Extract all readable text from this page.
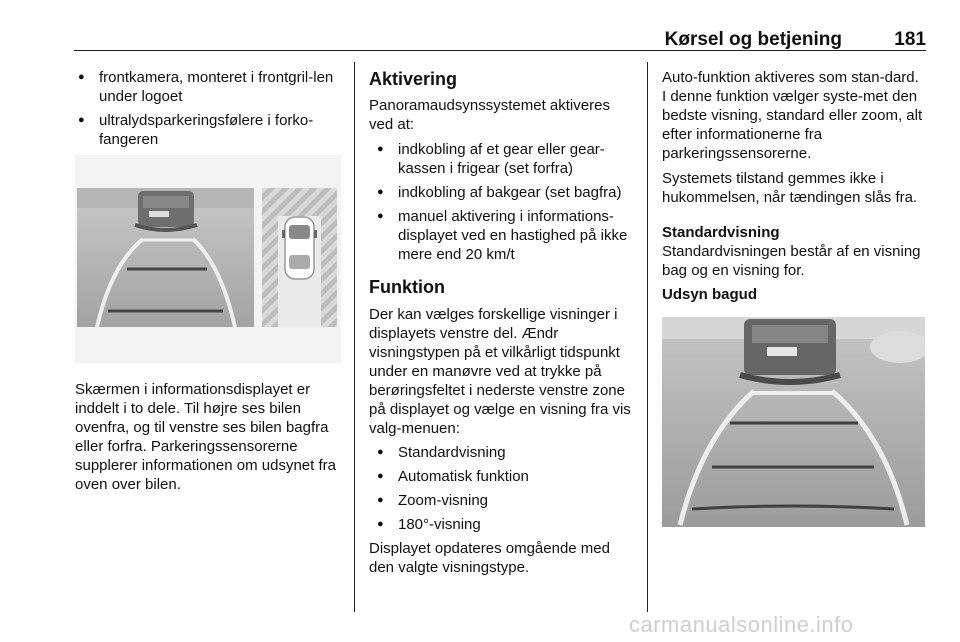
Kørsel og betjening	181
● frontkamera, monteret i frontgril-len under logoet
● ultralydsparkeringsfølere i forko-fangeren

Skærmen i informationsdisplayet er inddelt i to dele. Til højre ses bilen ovenfra, og til venstre ses bilen bagfra eller forfra. Parkeringssensorerne supplerer informationen om udsynet fra oven over bilen.

Aktivering

Panoramaudsynssystemet aktiveres ved at:

● indkobling af et gear eller gear-kassen i frigear (set forfra)
● indkobling af bakgear (set bagfra)
● manuel aktivering i informations-displayet ved en hastighed på ikke mere end 20 km/t
Funktion

Der kan vælges forskellige visninger i displayets venstre del. Ændr visningstypen på et vilkårligt tidspunkt under en manøvre ved at trykke på berøringsfeltet i nederste venstre zone på displayet og vælge en visning fra vis valg-menuen:

● Standardvisning
● Automatisk funktion
● Zoom-visning
● 180°-visning

Displayet opdateres omgående med den valgte visningstype.

Auto-funktion aktiveres som stan-dard. I denne funktion vælger syste-met den bedste visning, standard eller zoom, alt efter informationerne fra parkeringssensorerne.

Systemets tilstand gemmes ikke i hukommelsen, når tændingen slås fra.

Standardvisning

Standardvisningen består af en visning bag og en visning for.

Udsyn bagud
carmanualsonline.info
